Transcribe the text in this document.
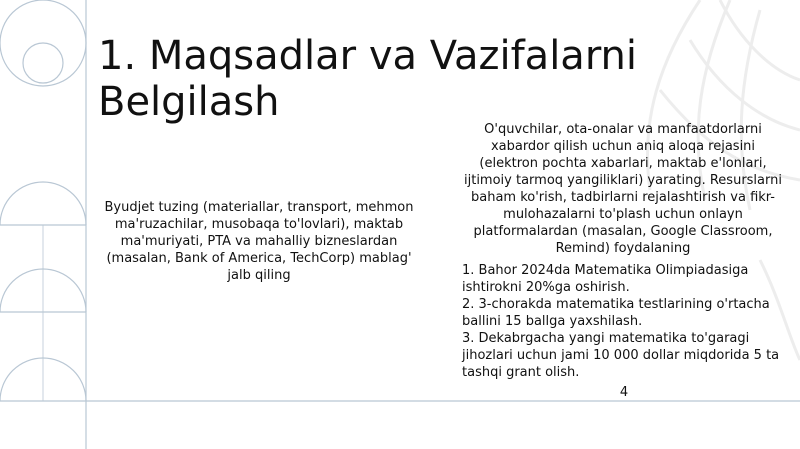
1. Maqsadlar va Vazifalarni
Belgilash
Byudjet tuzing (materiallar, transport, mehmon ma'ruzachilar, musobaqa to'lovlari), maktab ma'muriyati, PTA va mahalliy bizneslardan (masalan, Bank of America, TechCorp) mablag' jalb qiling
O'quvchilar, ota-onalar va manfaatdorlarni xabardor qilish uchun aniq aloqa rejasini (elektron pochta xabarlari, maktab e'lonlari, ijtimoiy tarmoq yangiliklari) yarating. Resurslarni baham ko'rish, tadbirlarni rejalashtirish va fikr-mulohazalarni to'plash uchun onlayn platformalardan (masalan, Google Classroom, Remind) foydalaning
1. Bahor 2024da Matematika Olimpiadasiga ishtirokni 20%ga oshirish.
2. 3-chorakda matematika testlarining o'rtacha ballini 15 ballga yaxshilash.
3. Dekabrgacha yangi matematika to'garagi jihozlari uchun jami 10 000 dollar miqdorida 5 ta tashqi grant olish.
4
